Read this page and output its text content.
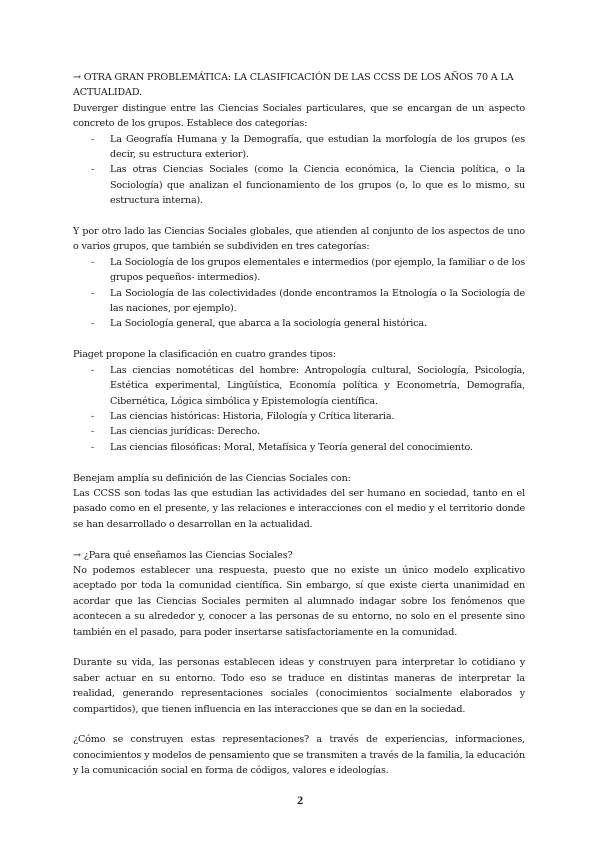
→ OTRA GRAN PROBLEMÁTICA: LA CLASIFICACIÓN DE LAS CCSS DE LOS AÑOS 70 A LA ACTUALIDAD.

Duverger distingue entre las Ciencias Sociales particulares, que se encargan de un aspecto concreto de los grupos. Establece dos categorías:

- La Geografía Humana y la Demografía, que estudian la morfología de los grupos (es decir, su estructura exterior).
- Las otras Ciencias Sociales (como la Ciencia económica, la Ciencia política, o la Sociología) que analizan el funcionamiento de los grupos (o, lo que es lo mismo, su estructura interna).

Y por otro lado las Ciencias Sociales globales, que atienden al conjunto de los aspectos de uno o varios grupos, que también se subdividen en tres categorías:

- La Sociología de los grupos elementales e intermedios (por ejemplo, la familiar o de los grupos pequeños- intermedios).
- La Sociología de las colectividades (donde encontramos la Etnología o la Sociología de las naciones, por ejemplo).
- La Sociología general, que abarca a la sociología general histórica.

Piaget propone la clasificación en cuatro grandes tipos:

- Las ciencias nomotéticas del hombre: Antropología cultural, Sociología, Psicología, Estética experimental, Lingüística, Economía política y Econometría, Demografía, Cibernética, Lógica simbólica y Epistemología científica.
- Las ciencias históricas: Historia, Filología y Crítica literaria.
- Las ciencias jurídicas: Derecho.
- Las ciencias filosóficas: Moral, Metafísica y Teoría general del conocimiento.

Benejam amplía su definición de las Ciencias Sociales con:

Las CCSS son todas las que estudian las actividades del ser humano en sociedad, tanto en el pasado como en el presente, y las relaciones e interacciones con el medio y el territorio donde se han desarrollado o desarrollan en la actualidad.

→ ¿Para qué enseñamos las Ciencias Sociales?

No podemos establecer una respuesta, puesto que no existe un único modelo explicativo aceptado por toda la comunidad científica. Sin embargo, sí que existe cierta unanimidad en acordar que las Ciencias Sociales permiten al alumnado indagar sobre los fenómenos que acontecen a su alrededor y, conocer a las personas de su entorno, no solo en el presente sino también en el pasado, para poder insertarse satisfactoriamente en la comunidad.

Durante su vida, las personas establecen ideas y construyen para interpretar lo cotidiano y saber actuar en su entorno. Todo eso se traduce en distintas maneras de interpretar la realidad, generando representaciones sociales (conocimientos socialmente elaborados y compartidos), que tienen influencia en las interacciones que se dan en la sociedad.

¿Cómo se construyen estas representaciones? a través de experiencias, informaciones, conocimientos y modelos de pensamiento que se transmiten a través de la familia, la educación y la comunicación social en forma de códigos, valores e ideologías.

2
